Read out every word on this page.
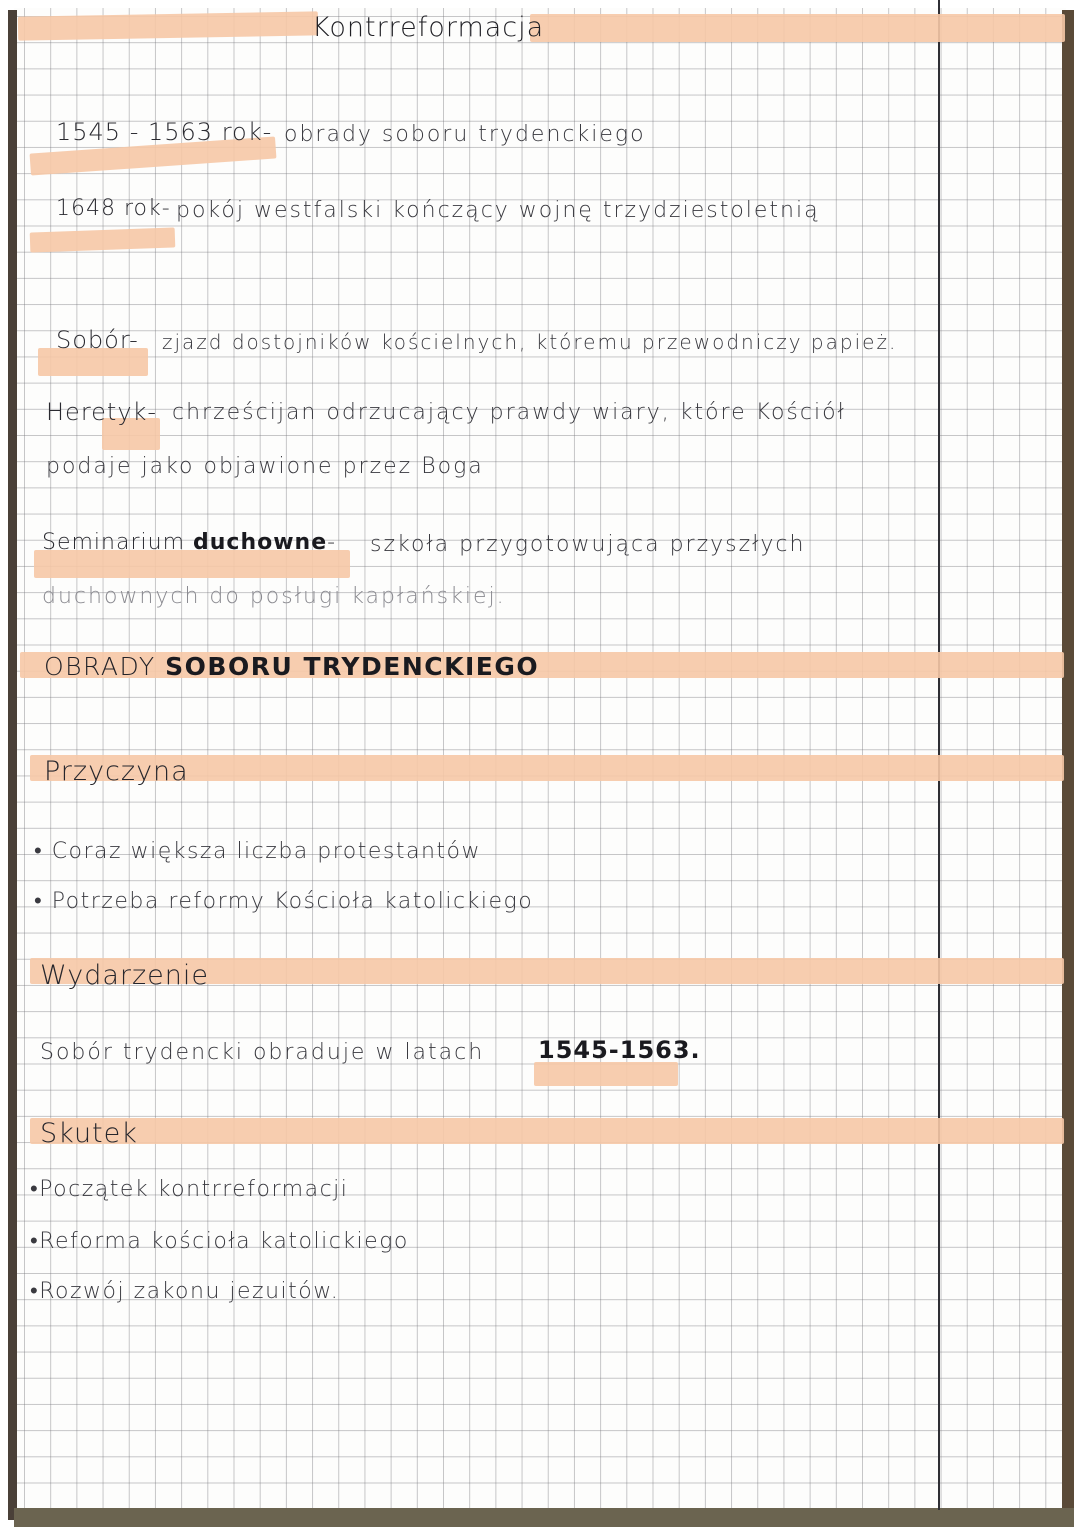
Kontrreformacja
1545 - 1563 rok- obrady soboru trydenckiego
1648 rok- pokój westfalski kończący wojnę trzydziestoletnią
Sobór- zjazd dostojników kościelnych, któremu przewodniczy papież.
Heretyk- chrześcijan odrzucający prawdy wiary, które Kościół
podaje jako objawione przez Boga
Seminarium duchowne- szkoła przygotowująca przyszłych
duchownych do posługi kapłańskiej.
OBRADY SOBORU TRYDENCKIEGO
Przyczyna
• Coraz większa liczba protestantów
• Potrzeba reformy Kościoła katolickiego
Wydarzenie
Sobór trydencki obraduje w latach 1545-1563.
Skutek
•Początek kontrreformacji
•Reforma kościoła katolickiego
•Rozwój zakonu jezuitów.
